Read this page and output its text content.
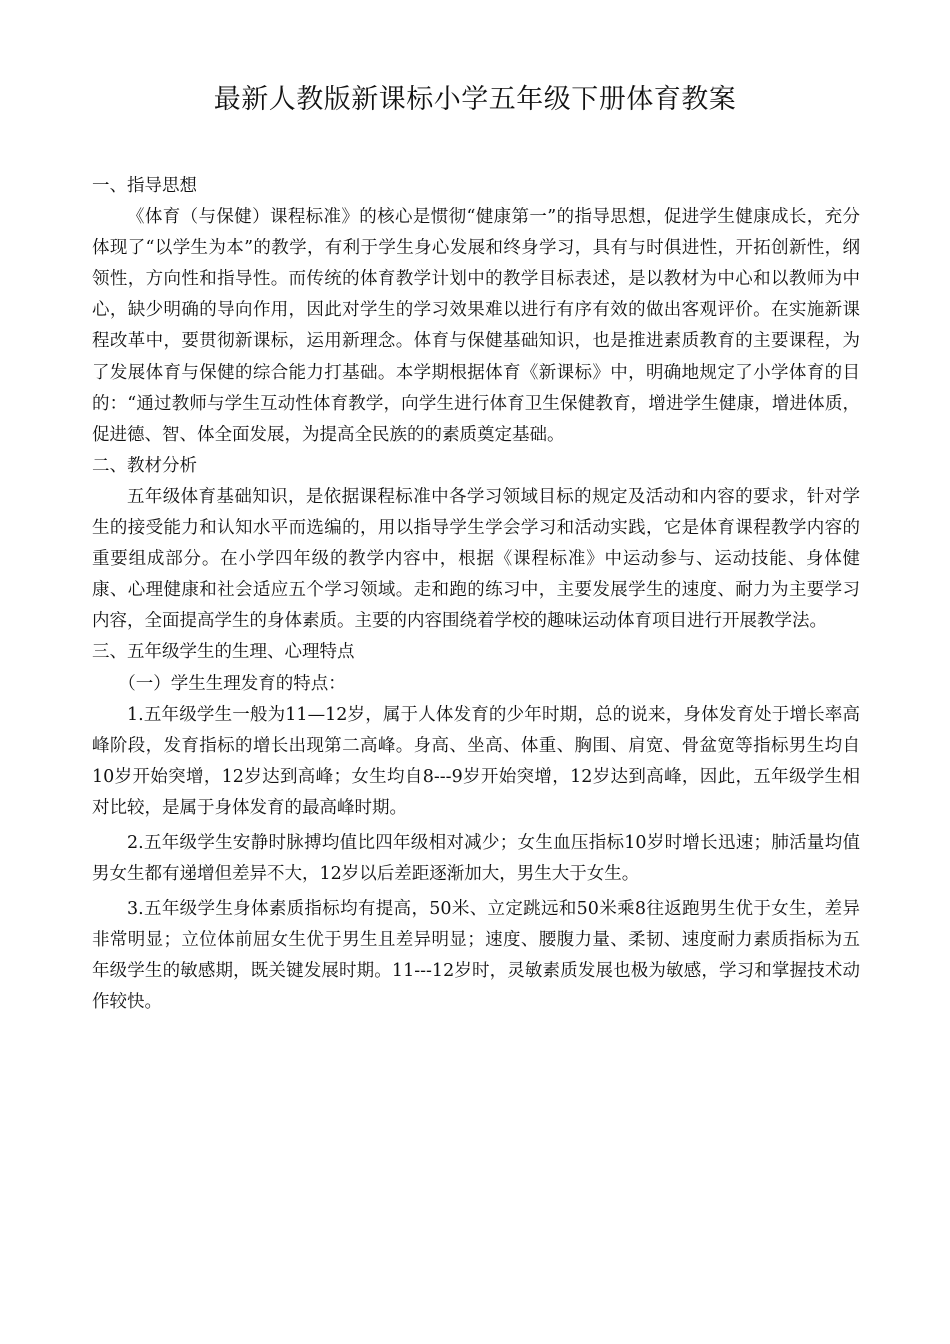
最新人教版新课标小学五年级下册体育教案

一、指导思想

《体育（与保健）课程标准》的核心是惯彻“健康第一”的指导思想，促进学生健康成长，充分体现了“以学生为本”的教学，有利于学生身心发展和终身学习，具有与时俱进性，开拓创新性，纲领性，方向性和指导性。而传统的体育教学计划中的教学目标表述，是以教材为中心和以教师为中心，缺少明确的导向作用，因此对学生的学习效果难以进行有序有效的做出客观评价。在实施新课程改革中，要贯彻新课标，运用新理念。体育与保健基础知识，也是推进素质教育的主要课程，为了发展体育与保健的综合能力打基础。本学期根据体育《新课标》中，明确地规定了小学体育的目的：“通过教师与学生互动性体育教学，向学生进行体育卫生保健教育，增进学生健康，增进体质，促进德、智、体全面发展，为提高全民族的的素质奠定基础。

二、教材分析

五年级体育基础知识，是依据课程标准中各学习领域目标的规定及活动和内容的要求，针对学生的接受能力和认知水平而选编的，用以指导学生学会学习和活动实践，它是体育课程教学内容的重要组成部分。在小学四年级的教学内容中，根据《课程标准》中运动参与、运动技能、身体健康、心理健康和社会适应五个学习领域。走和跑的练习中，主要发展学生的速度、耐力为主要学习内容，全面提高学生的身体素质。主要的内容围绕着学校的趣味运动体育项目进行开展教学法。

三、五年级学生的生理、心理特点

（一）学生生理发育的特点：

1.五年级学生一般为11—12岁，属于人体发育的少年时期，总的说来，身体发育处于增长率高峰阶段，发育指标的增长出现第二高峰。身高、坐高、体重、胸围、肩宽、骨盆宽等指标男生均自10岁开始突增，12岁达到高峰；女生均自8---9岁开始突增，12岁达到高峰，因此，五年级学生相对比较，是属于身体发育的最高峰时期。

2.五年级学生安静时脉搏均值比四年级相对减少；女生血压指标10岁时增长迅速；肺活量均值男女生都有递增但差异不大，12岁以后差距逐渐加大，男生大于女生。

3.五年级学生身体素质指标均有提高，50米、立定跳远和50米乘8往返跑男生优于女生，差异非常明显；立位体前屈女生优于男生且差异明显；速度、腰腹力量、柔韧、速度耐力素质指标为五年级学生的敏感期，既关键发展时期。11---12岁时，灵敏素质发展也极为敏感，学习和掌握技术动作较快。
